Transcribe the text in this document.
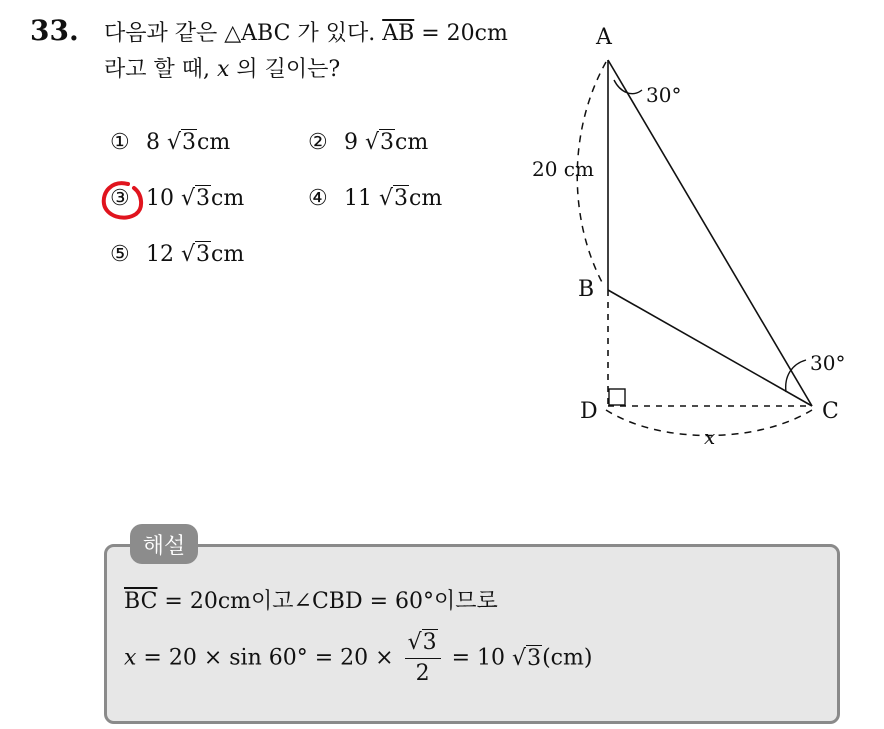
33. 다음과 같은 △ABC 가 있다. $\overline{AB} = 20cm$ 라고 할 때, x 의 길이는?
① 8 √3cm	② 9 √3cm
③ 10 √3cm	④ 11 √3cm
⑤ 12 √3cm
A
B
C
D
x
30°
30°
20 cm
해설
$\overline{BC} = 20cm$이고∠CBD = 60°이므로
$x = 20 \times \sin 60^\circ = 20 \times \frac{√3}{2} = 10$ √3(cm)
